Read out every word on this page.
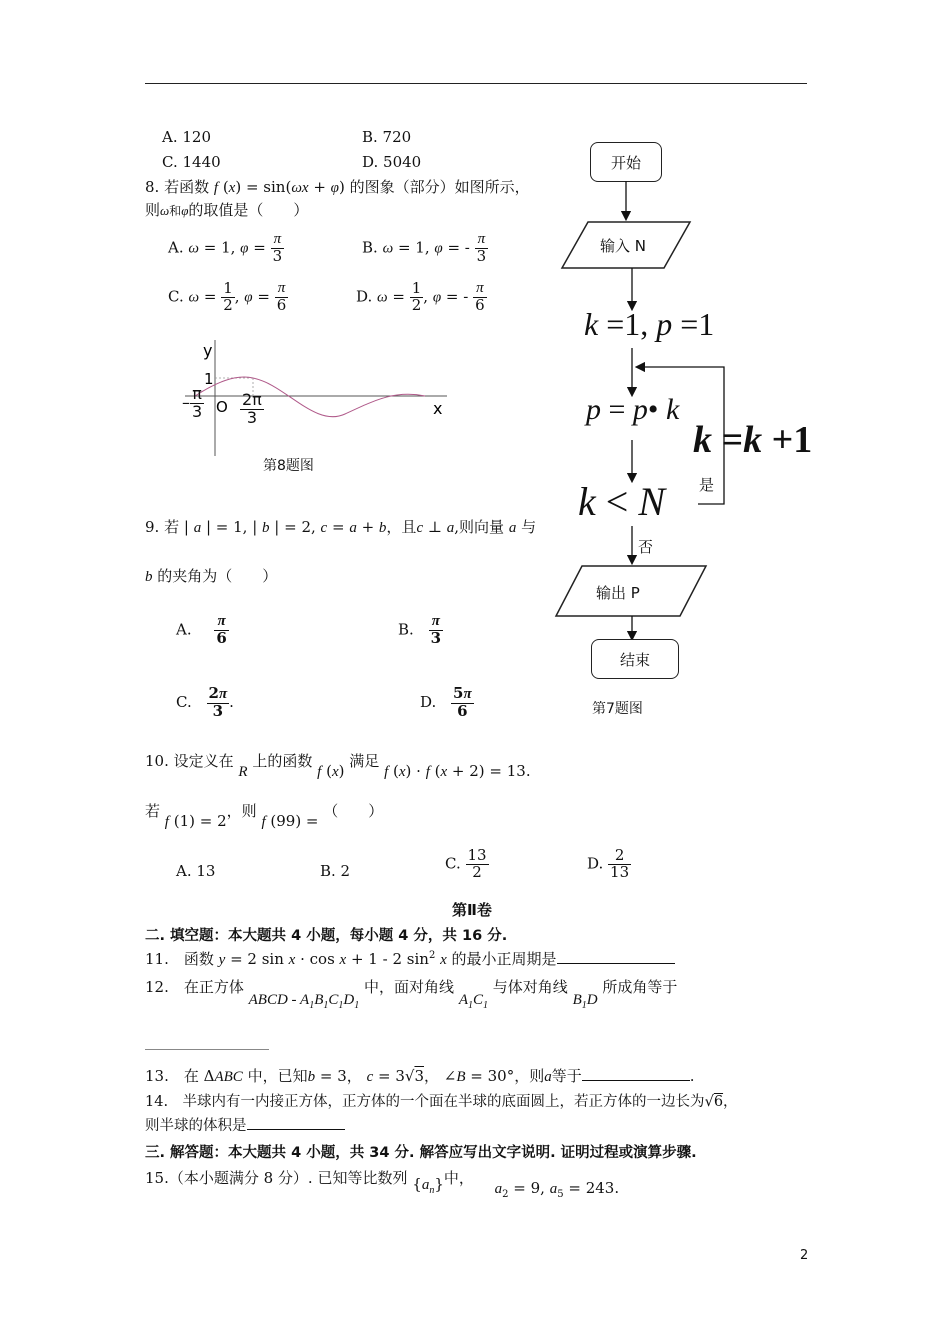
A. 120	B. 720
C. 1440	D. 5040
8. 若函数 f (x) = sin(ωx + φ) 的图象（部分）如图所示，
则ω和φ的取值是（　　）
A. ω = 1, $\varphi = \frac{\pi}{3}$	B. ω = 1, φ = - $\frac{\pi}{3}$
C. $\omega = \frac{1}{2}$ , $\varphi = \frac{\pi}{6}$	D. $\omega = \frac{1}{2}$ , φ = - $\frac{\pi}{6}$
y
1
O	x
– $\frac{\pi}{3} \frac{2\pi}{3}$
第8题图
9. 若 | a | = 1, | b | = 2, c = a + b，且c ⊥ a,则向量 a 与
b 的夹角为（　　）
A. $\frac{\pi}{6}$	B. $\frac{\pi}{3}$
C. $\frac{2\pi}{3}$ .	D. $\frac{5\pi}{6}$
10. 设定义在 R 上的函数 f (x) 满足 f (x) · f (x + 2) = 13.
若 f (1) = 2，则 f (99) = （　　）
A. 13	B. 2	C. $\frac{13}{2}$	D. $\frac{2}{13}$
第Ⅱ卷
二. 填空题：本大题共 4 小题，每小题 4 分，共 16 分.
11.　函数 y = 2 sin x · cos x + 1 - 2 $\sin^2 x$ 的最小正周期是
12.　在正方体 ABCD - $A_1B_1C_1D_1$ 中，面对角线 $A_1C_1$ 与体对角线 $B_1D$ 所成角等于
13.　在 ΔABC 中，已知b = 3， c = 3√3， ∠B = 30°，则a等于	.
14.　半球内有一内接正方体，正方体的一个面在半球的底面圆上，若正方体的一边长为√6，
则半球的体积是
三. 解答题：本大题共 4 小题，共 34 分. 解答应写出文字说明. 证明过程或演算步骤.
15.（本小题满分 8 分）. 已知等比数列 $\{a_n\}$中， $a_2 = 9$, $a_5 = 243$.
2
开始
输入 N
k =1, p =1
p = p• k
k =k +1
k < N 是
否
输出 P
结束
第7题图
